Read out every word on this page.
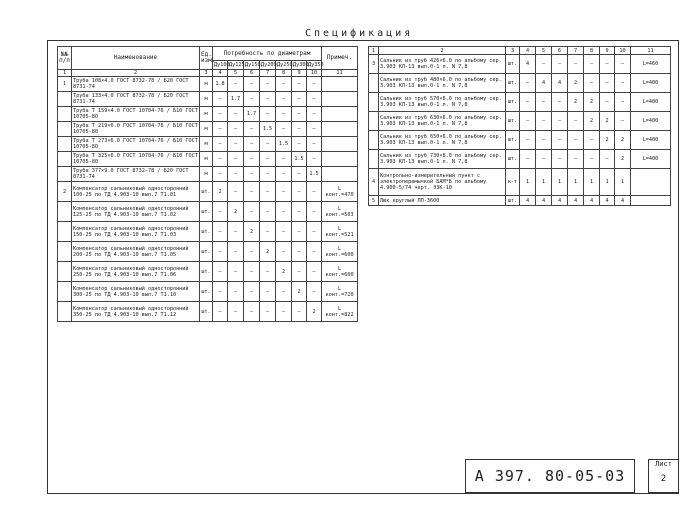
Спецификация
№№ п/п	Наименование	Ед. изм.	Потребность по диаметрам							Примеч.
			Ду100	Ду125	Ду150	Ду200	Ду250	Ду300	Ду350	
1	2	3	4	5	6	7	8	9	10	11
1	Труба 108×4.0 ГОСТ 8732-78 / Б20 ГОСТ 8731-74	м	1.8	—	—	—	—	—	—	
	Труба 133×4.0 ГОСТ 8732-78 / Б20 ГОСТ 8731-74	м	—	1.7	—	—	—	—	—	
	Труба Т 159×4.0 ГОСТ 10704-76 / Б10 ГОСТ 10705-80	м	—	—	1.7	—	—	—	—	
	Труба Т 219×6.0 ГОСТ 10704-76 / Б10 ГОСТ 10705-80	м	—	—	—	1.5	—	—	—	
	Труба Т 273×6.0 ГОСТ 10704-76 / Б10 ГОСТ 10705-80	м	—	—	—	—	1.5	—	—	
	Труба Т 325×6.0 ГОСТ 10704-76 / Б10 ГОСТ 10705-80	м	—	—	—	—	—	1.5	—	
	Труба 377×9.0 ГОСТ 8732-78 / Б20 ГОСТ 8731-74	м	—	—	—	—	—	—	1.5	
2	Компенсатор сальниковый односторонний 100-25 по ТД 4.903-10 вып.7 Т1.01	шт.	2	—	—	—	—	—	—	L конт.=470
	Компенсатор сальниковый односторонний 125-25 по ТД 4.903-10 вып.7 Т1.02	шт.	—	2	—	—	—	—	—	L конт.=503
	Компенсатор сальниковый односторонний 150-25 по ТД 4.903-10 вып.7 Т1.03	шт.	—	—	2	—	—	—	—	L конт.=521
	Компенсатор сальниковый односторонний 200-25 по ТД 4.903-10 вып.7 Т1.05	шт.	—	—	—	2	—	—	—	L конт.=600
	Компенсатор сальниковый односторонний 250-25 по ТД 4.903-10 вып.7 Т1.06	шт.	—	—	—	—	2	—	—	L конт.=600
	Компенсатор сальниковый односторонний 300-25 по ТД 4.903-10 вып.7 Т1.10	шт.	—	—	—	—	—	2	—	L конт.=720
	Компенсатор сальниковый односторонний 350-25 по ТД 4.903-10 вып.7 Т1.12	шт.	—	—	—	—	—	—	2	L конт.=822
1	2	3	4	5	6	7	8	9	10	11
3	Сальник из труб 426×6.0 по альбому сер. 3.903 КЛ-13 вып.0-1 л. N 7,8	шт.	4	—	—	—	—	—	—	L=460
	Сальник из труб 480×6.0 по альбому сер. 3.903 КЛ-13 вып.0-1 л. N 7,8	шт.	—	4	4	2	—	—	—	L=400
	Сальник из труб 570×6.0 по альбому сер. 3.903 КЛ-13 вып.0-1 л. N 7,8	шт.	—	—	—	2	2	—	—	L=400
	Сальник из труб 630×6.0 по альбому сер. 3.903 КЛ-13 вып.0-1 л. N 7,8	шт.	—	—	—	—	2	2	—	L=400
	Сальник из труб 650×6.0 по альбому сер. 3.903 КЛ-13 вып.0-1 л. N 7,8	шт.	—	—	—	—	—	2	2	L=400
	Сальник из труб 730×8.0 по альбому сер. 3.903 КЛ-13 вып.0-1 л. N 7,8	шт.	—	—	—	—	—	—	2	L=400
4	Контрольно-измерительный пункт с электроперемычкой БАМ*Б по альбому 4.900-5/74 черт. ЭЗК-10	к-т	1	1	1	1	1	1	1	
5	Люк круглый ЛП-3600	шт.	4	4	4	4	4	4	4	
А 397. 80-05-03
Лист
2
